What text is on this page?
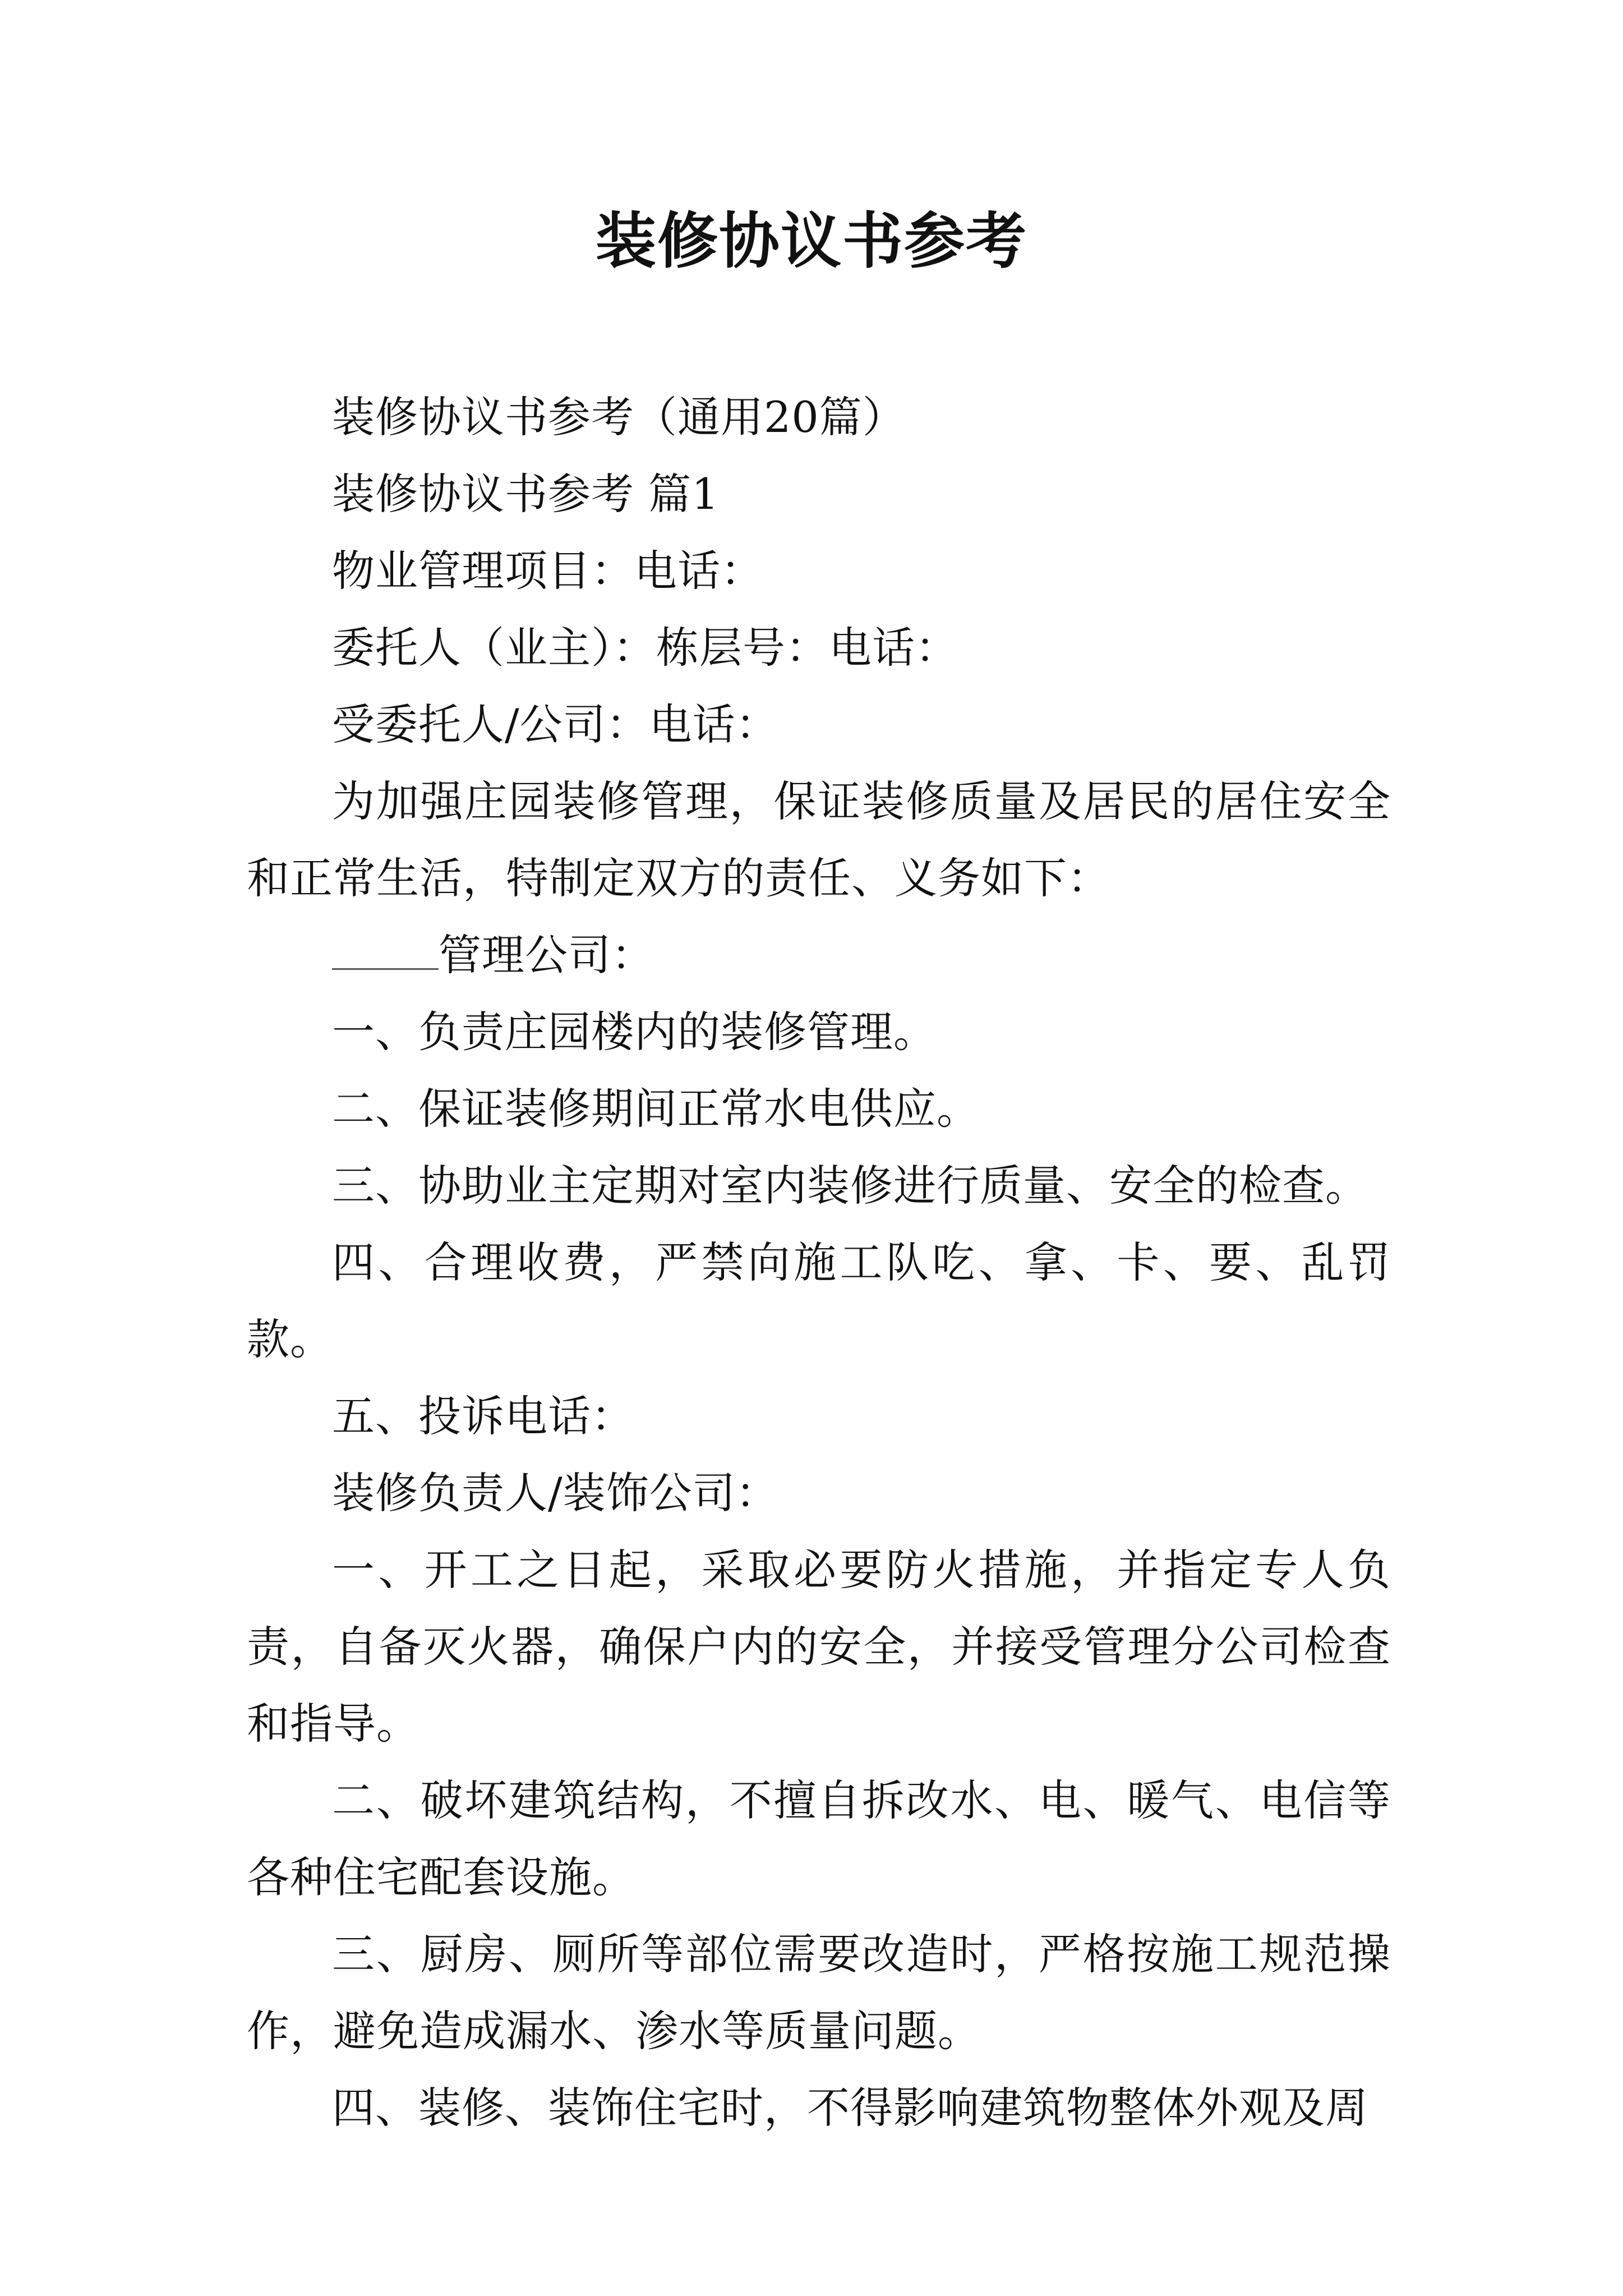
装修协议书参考

装修协议书参考（通用20篇）

装修协议书参考 篇1

物业管理项目：电话：

委托人（业主）：栋层号：电话：

受委托人/公司：电话：

为加强庄园装修管理，保证装修质量及居民的居住安全和正常生活，特制定双方的责任、义务如下：

管理公司：

一、负责庄园楼内的装修管理。

二、保证装修期间正常水电供应。

三、协助业主定期对室内装修进行质量、安全的检查。

四、合理收费，严禁向施工队吃、拿、卡、要、乱罚款。

五、投诉电话：

装修负责人/装饰公司：

一、开工之日起，采取必要防火措施，并指定专人负责，自备灭火器，确保户内的安全，并接受管理分公司检查和指导。

二、破坏建筑结构，不擅自拆改水、电、暖气、电信等各种住宅配套设施。

三、厨房、厕所等部位需要改造时，严格按施工规范操作，避免造成漏水、渗水等质量问题。

四、装修、装饰住宅时，不得影响建筑物整体外观及周
